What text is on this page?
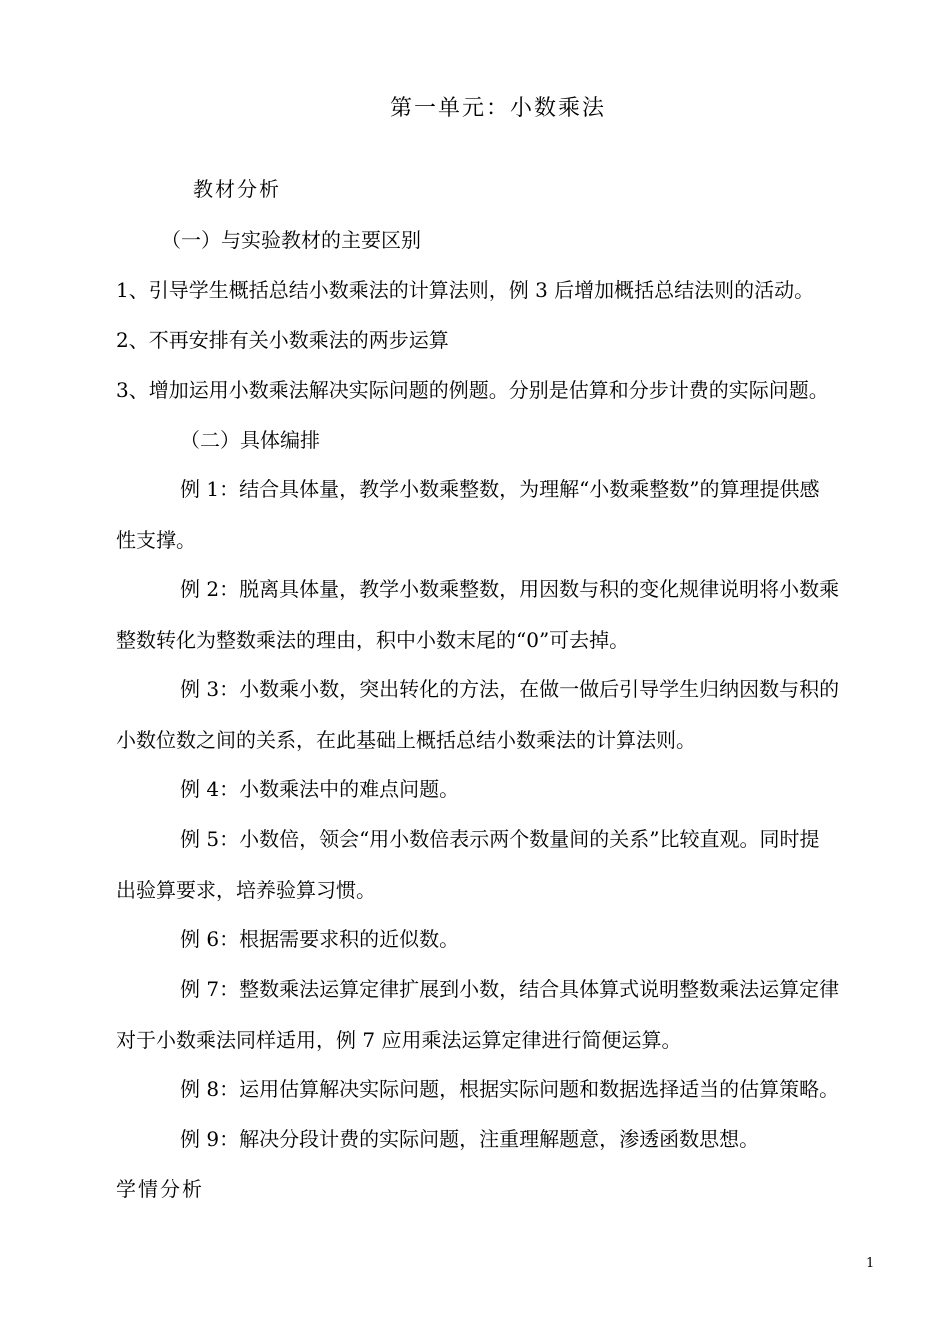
第一单元：小数乘法
教材分析
（一）与实验教材的主要区别
1、引导学生概括总结小数乘法的计算法则，例 3 后增加概括总结法则的活动。
2、不再安排有关小数乘法的两步运算
3、增加运用小数乘法解决实际问题的例题。分别是估算和分步计费的实际问题。
（二）具体编排
例 1：结合具体量，教学小数乘整数，为理解“小数乘整数”的算理提供感
性支撑。
例 2：脱离具体量，教学小数乘整数，用因数与积的变化规律说明将小数乘
整数转化为整数乘法的理由，积中小数末尾的“0”可去掉。
例 3：小数乘小数，突出转化的方法，在做一做后引导学生归纳因数与积的
小数位数之间的关系，在此基础上概括总结小数乘法的计算法则。
例 4：小数乘法中的难点问题。
例 5：小数倍，领会“用小数倍表示两个数量间的关系”比较直观。同时提
出验算要求，培养验算习惯。
例 6：根据需要求积的近似数。
例 7：整数乘法运算定律扩展到小数，结合具体算式说明整数乘法运算定律
对于小数乘法同样适用，例 7 应用乘法运算定律进行简便运算。
例 8：运用估算解决实际问题，根据实际问题和数据选择适当的估算策略。
例 9：解决分段计费的实际问题，注重理解题意，渗透函数思想。
学情分析
1
